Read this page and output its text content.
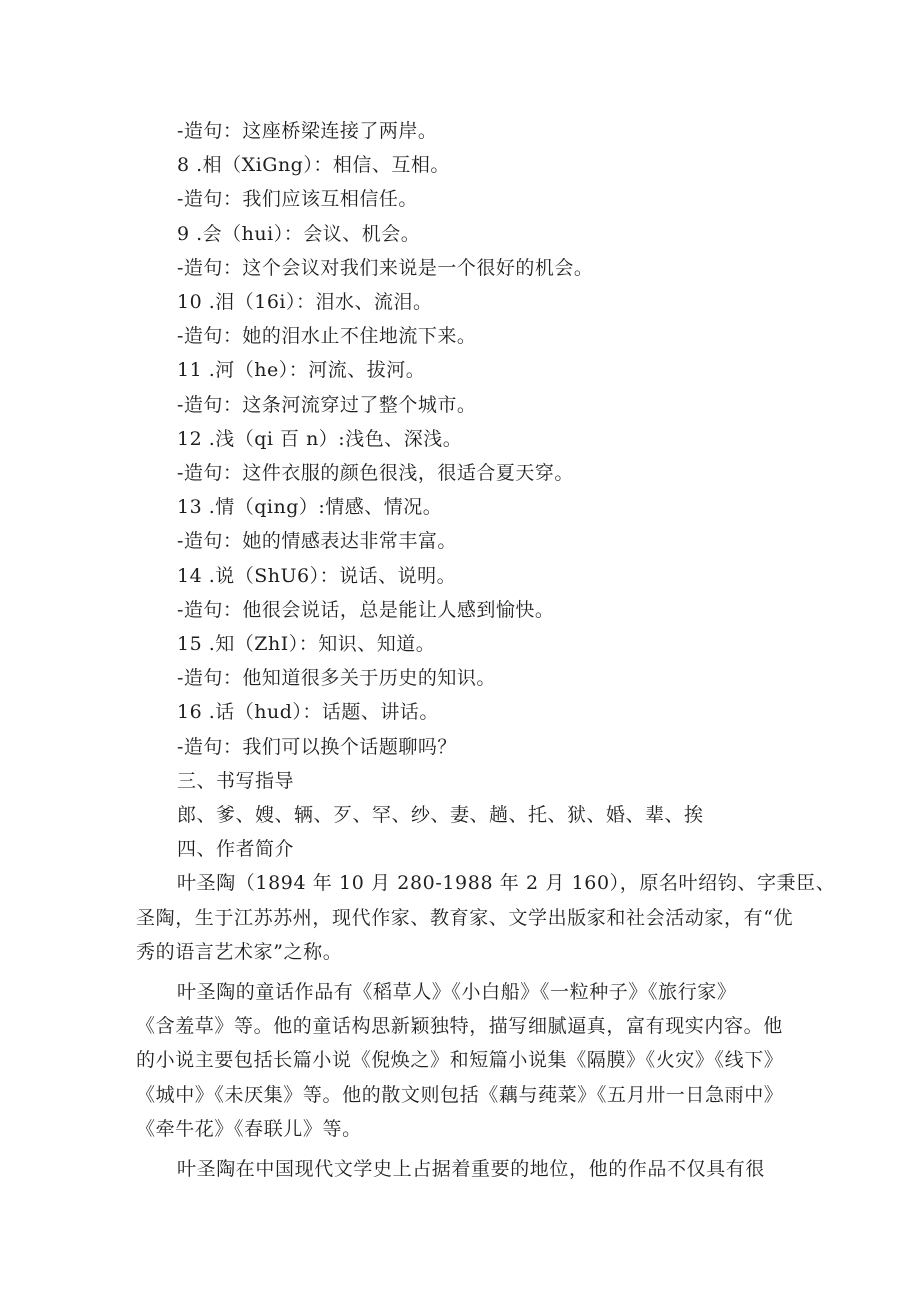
-造句：这座桥梁连接了两岸。

8 .相（XiGng）：相信、互相。

-造句：我们应该互相信任。

9 .会（hui）：会议、机会。

-造句：这个会议对我们来说是一个很好的机会。

10 .泪（16i）：泪水、流泪。

-造句：她的泪水止不住地流下来。

11 .河（he）：河流、拔河。

-造句：这条河流穿过了整个城市。

12 .浅（qi 百 n）:浅色、深浅。

-造句：这件衣服的颜色很浅，很适合夏天穿。

13 .情（qing）:情感、情况。

-造句：她的情感表达非常丰富。

14 .说（ShU6）：说话、说明。

-造句：他很会说话，总是能让人感到愉快。

15 .知（ZhI）：知识、知道。

-造句：他知道很多关于历史的知识。

16 .话（hud）：话题、讲话。

-造句：我们可以换个话题聊吗？

三、书写指导

郎、爹、嫂、辆、歹、罕、纱、妻、趟、托、狱、婚、辈、挨

四、作者简介

叶圣陶（1894 年 10 月 280-1988 年 2 月 160），原名叶绍钧、字秉臣、
圣陶，生于江苏苏州，现代作家、教育家、文学出版家和社会活动家，有“优
秀的语言艺术家”之称。
叶圣陶的童话作品有《稻草人》《小白船》《一粒种子》《旅行家》
《含羞草》等。他的童话构思新颖独特，描写细腻逼真，富有现实内容。他
的小说主要包括长篇小说《倪焕之》和短篇小说集《隔膜》《火灾》《线下》
《城中》《未厌集》等。他的散文则包括《藕与莼菜》《五月卅一日急雨中》
《牵牛花》《春联儿》等。
叶圣陶在中国现代文学史上占据着重要的地位，他的作品不仅具有很
